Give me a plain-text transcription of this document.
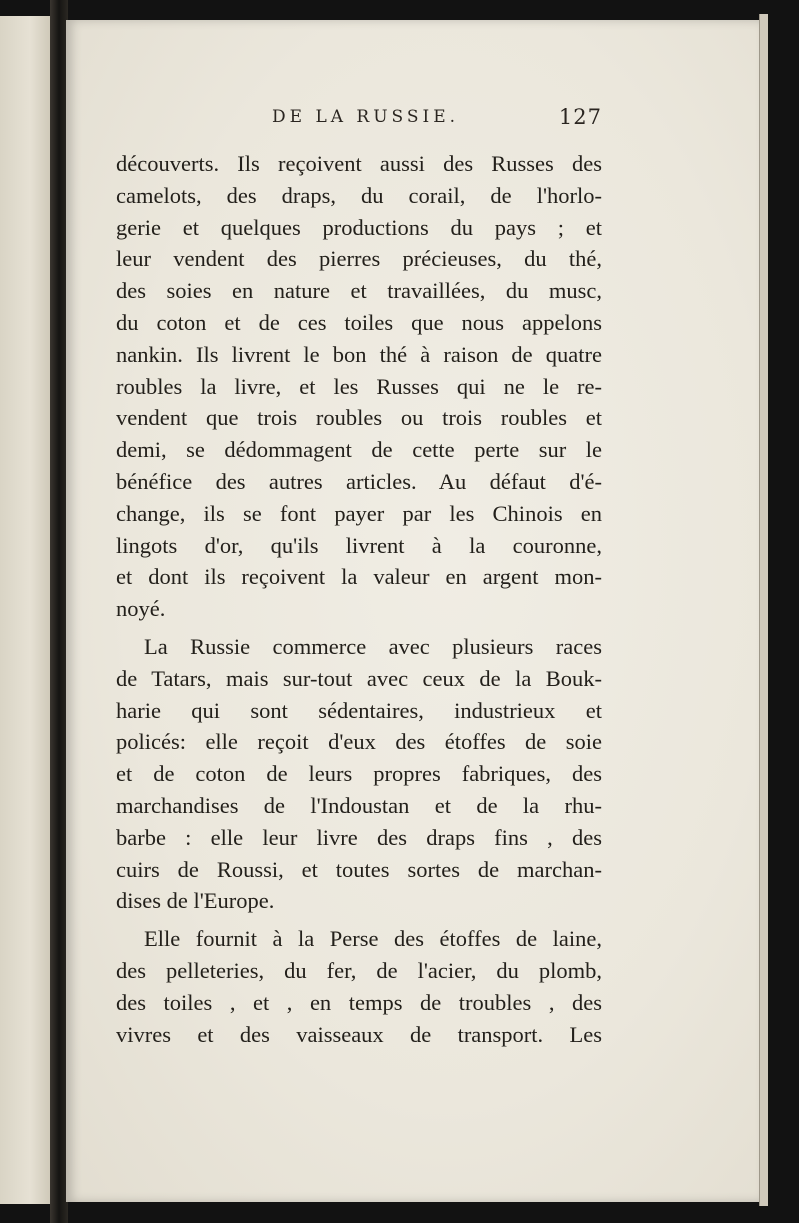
DE LA RUSSIE.	127
découverts. Ils reçoivent aussi des Russes des
camelots, des draps, du corail, de l'horlo-
gerie et quelques productions du pays ; et
leur vendent des pierres précieuses, du thé,
des soies en nature et travaillées, du musc,
du coton et de ces toiles que nous appelons
nankin. Ils livrent le bon thé à raison de quatre
roubles la livre, et les Russes qui ne le re-
vendent que trois roubles ou trois roubles et
demi, se dédommagent de cette perte sur le
bénéfice des autres articles. Au défaut d'é-
change, ils se font payer par les Chinois en
lingots d'or, qu'ils livrent à la couronne,
et dont ils reçoivent la valeur en argent mon-
noyé.
La Russie commerce avec plusieurs races
de Tatars, mais sur-tout avec ceux de la Bouk-
harie qui sont sédentaires, industrieux et
policés: elle reçoit d'eux des étoffes de soie
et de coton de leurs propres fabriques, des
marchandises de l'Indoustan et de la rhu-
barbe : elle leur livre des draps fins , des
cuirs de Roussi, et toutes sortes de marchan-
dises de l'Europe.
Elle fournit à la Perse des étoffes de laine,
des pelleteries, du fer, de l'acier, du plomb,
des toiles , et , en temps de troubles , des
vivres et des vaisseaux de transport. Les
